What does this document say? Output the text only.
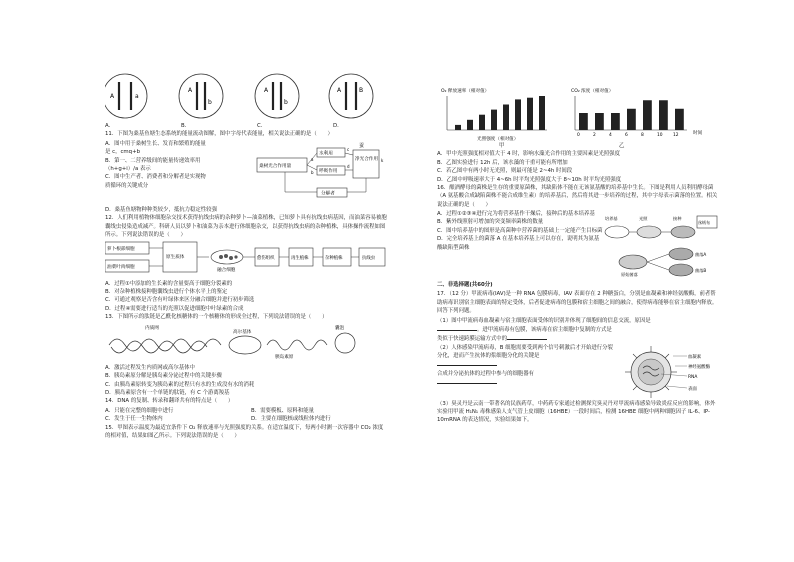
A	a
A
b
A
b
A	B
A．	B．	C．	D．

11．下图为桑基鱼塘生态系统的能量流动图解，图中字母代表能量，相关说法正确的是（　　）

A．图中用于桑树生长、发育和繁殖的能量

是 c，cmq+b

B．第一、二营养级间的能量传递效率用

（h+g+i）/a 表示

C．图中生产者、消费者和分解者是实现物

质循环的关键成分

蚕
桑树光合作用量
水利用
呼吸作用
净光合作用
分解者
a
b
c
d
k

D．桑基鱼塘物种种类较少，抵抗力稳定性较强

12．人们利用植物体细胞杂交技术获得抗线虫病的杂种萝卜—油菜植株，已知萝卜具有抗线虫病基因，而油菜容易被胞囊线虫侵染造成减产。科研人员以萝卜和油菜为亲本进行体细胞杂交，以获得抗线虫病的杂种植株，具体操作流程如图所示。下列说法错误的是（　　）

萝卜根部细胞
油菜叶肉细胞
原生质体
融合细胞
愈伤组织	再生植株	杂种植株	抗线虫

A．过程①中添加的生长素的含量要高于细胞分裂素的

B．对杂种植株接种胞囊线虫进行个体水平上的鉴定

C．可通过观察是否含有叶绿体来区分融合细胞并进行初步筛选

D．过程④需要进行适当的光照以促进细胞中叶绿素的合成

13．下图所示的肽链是乙酰化核糖体的一个核糖体的形成全过程，下列说法错误的是（　　）

内质网
高尔基体
胰岛素原
囊泡

A．激活过程发生内质网或高尔基体中

B．胰岛素原分解是胰岛素分泌过程中的关键步骤

C．由胰岛素原转变为胰岛素的过程只有水的生成没有水的消耗

D．胰岛素原含有一个单链的肽链，有 C 个游离羧基

14．DNA 的复制、转录和翻译共有的特点是（　　）

A．只能在完整的细胞中进行	B．需要模板、原料和能量
C．发生于任一生物体内	D．主要在细胞核或线粒体内进行

15．甲图表示温度为最适宜条件下 O₂ 释放速率与光照强度的关系。在适宜温度下，每两小时测一次容器中 CO₂ 浓度的相对值，结果如图乙所示。下列说法错误的是（　　）

O₂ 释放速率（相对值）
光照强度（相对值）
CO₂ 浓度（相对值）
0	2	4	6	8	10 12	时间
甲	乙

A．甲中光照强度相对值大于 4 时，影响水藻光合作用的主要因素是光照强度

B．乙图实验进行 12h 后，该水藻的干重可能有所增加

C．若乙图中有两小时无光照，则最可能是 2~4h 时间段

D．乙图中呼吸速率大于 4~6h 时平均光照强度大于 8~10h 时平均光照强度

16．酿酒酵母的菌株是生存的重要原菌株，其缺陷体不能在无该氨基酸的培养基中生长。下图是利用人员利用酵母菌（A 氨基酸合成缺陷菌株不能合成维生素）的培养基后，然后将其进一步培养的过程，其中字母表示菌落的位置。相关说法正确的是（　　）

A．过程①②③④进行完为将营养基作干燥后，接种后的基本培养基

B．紫外线照射可增加的突变频率菌株的数量

C．图中培养基中的图形是高菌种中营养菌的基础上一定能产生目标菌

D．完全培养基上的菌落 A 在基本培养基上可以存在，说明其为氨基酸缺陷型菌株

培养基	光照	接种
丝绒布
原始菌落
菌落A
菌落B

二、非选择题(共60分)

17．（12 分）甲流病毒(IAV)是一种 RNA 包膜病毒，IAV 表面存在 2 种糖蛋白，分别是血凝素和神经氨酸酶，前者帮助病毒识别宿主细胞表面的特定受体，后者促进病毒的包膜和宿主细胞之间的融合，使得病毒能够在宿主细胞内释放。回答下列问题。

（1）图中甲流病毒血凝素与宿主细胞表面受体的识别并体现了细胞间的信息交流，原因是

。进甲流病毒有包膜，该病毒在宿主细胞中复制的方式是

类似于快速跨膜运输方式中的

（2）人体感染甲流病毒，B 细胞需要受到两个信号刺激后才开始进行分裂分化，进而产生抗体的浆细胞分化的关键是

合成并分泌抗体的过程中参与的细胞器有

血凝素
神经氨酸酶
RNA
表面

（3）臭灵丹是云南一带著名的民族药草，中药药专家通过检测探究臭灵丹对甲流病毒感染导致炎症反应的影响，体外实验用甲流 H₁N₁ 毒株感染人支气管上皮细胞（16HBE）一段时间后，检测 16HBE 细胞中两种细胞因子 IL-6、IP-10mRNA 的表达情况，实验结果如下。
